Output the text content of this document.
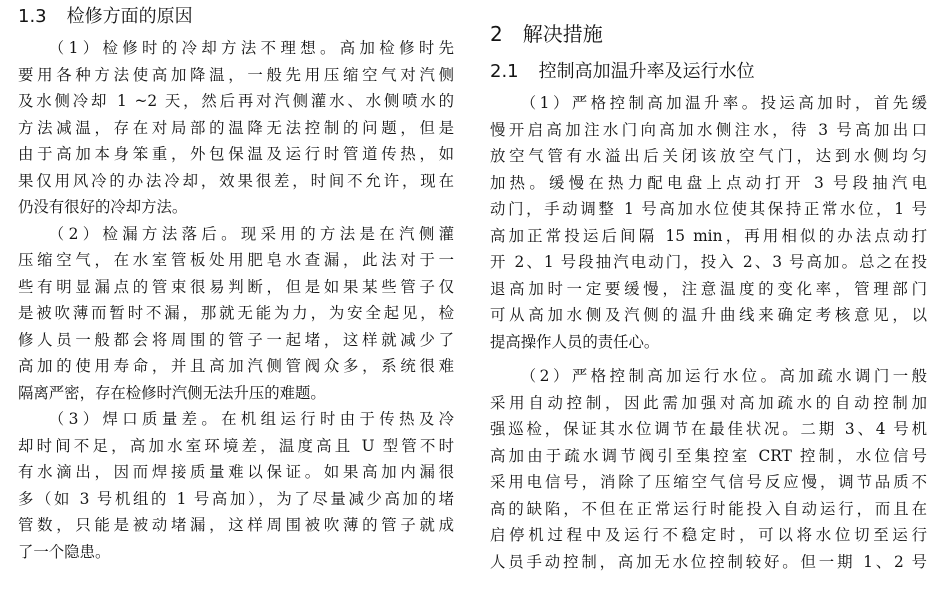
1.3 检修方面的原因
（1）检修时的冷却方法不理想。高加检修时先
要用各种方法使高加降温，一般先用压缩空气对汽侧
及水侧冷却 1 ~2 天，然后再对汽侧灌水、水侧喷水的
方法减温，存在对局部的温降无法控制的问题，但是
由于高加本身笨重，外包保温及运行时管道传热，如
果仅用风冷的办法冷却，效果很差，时间不允许，现在
仍没有很好的冷却方法。
（2）检漏方法落后。现采用的方法是在汽侧灌
压缩空气，在水室管板处用肥皂水查漏，此法对于一
些有明显漏点的管束很易判断，但是如果某些管子仅
是被吹薄而暂时不漏，那就无能为力，为安全起见，检
修人员一般都会将周围的管子一起堵，这样就减少了
高加的使用寿命，并且高加汽侧管阀众多，系统很难
隔离严密，存在检修时汽侧无法升压的难题。
（3）焊口质量差。在机组运行时由于传热及冷
却时间不足，高加水室环境差，温度高且 U 型管不时
有水滴出，因而焊接质量难以保证。如果高加内漏很
多（如 3 号机组的 1 号高加），为了尽量减少高加的堵
管数，只能是被动堵漏，这样周围被吹薄的管子就成
了一个隐患。
2 解决措施
2.1 控制高加温升率及运行水位
（1）严格控制高加温升率。投运高加时，首先缓
慢开启高加注水门向高加水侧注水，待 3 号高加出口
放空气管有水溢出后关闭该放空气门，达到水侧均匀
加热。缓慢在热力配电盘上点动打开 3 号段抽汽电
动门，手动调整 1 号高加水位使其保持正常水位，1 号
高加正常投运后间隔 15 min，再用相似的办法点动打
开 2、1 号段抽汽电动门，投入 2、3 号高加。总之在投
退高加时一定要缓慢，注意温度的变化率，管理部门
可从高加水侧及汽侧的温升曲线来确定考核意见，以
提高操作人员的责任心。
（2）严格控制高加运行水位。高加疏水调门一般
采用自动控制，因此需加强对高加疏水的自动控制加
强巡检，保证其水位调节在最佳状况。二期 3、4 号机
高加由于疏水调节阀引至集控室 CRT 控制，水位信号
采用电信号，消除了压缩空气信号反应慢，调节品质不
高的缺陷，不但在正常运行时能投入自动运行，而且在
启停机过程中及运行不稳定时，可以将水位切至运行
人员手动控制，高加无水位控制较好。但一期 1、2 号
